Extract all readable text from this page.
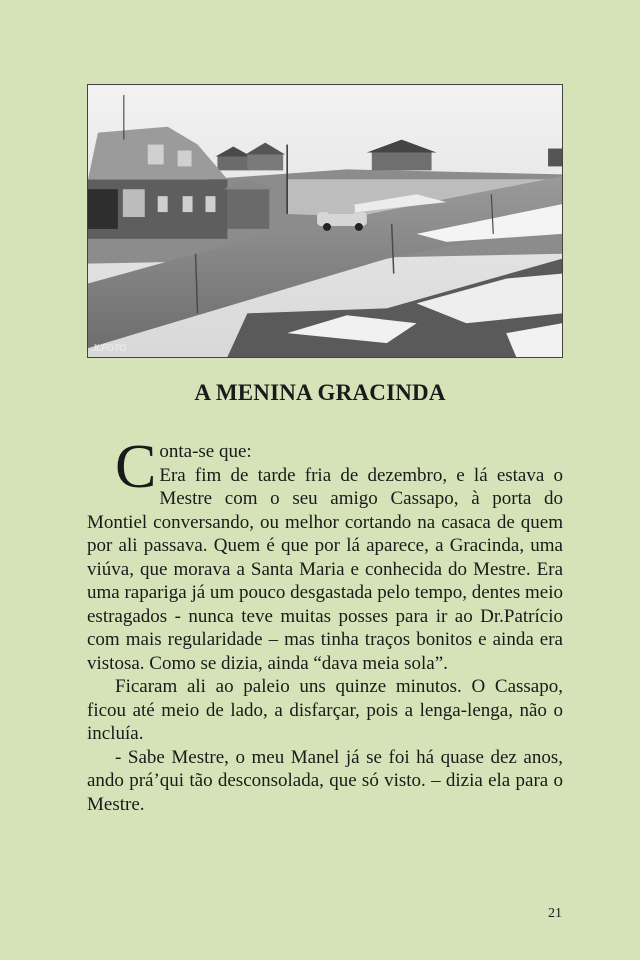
JLFOTO
A MENINA GRACINDA

Conta-se que:

Era fim de tarde fria de dezembro, e lá estava o Mestre com o seu amigo Cassapo, à porta do Montiel conversando, ou melhor cortando na casaca de quem por ali passava. Quem é que por lá aparece, a Gracinda, uma viúva, que morava a Santa Maria e conhecida do Mestre. Era uma rapariga já um pouco desgastada pelo tempo, dentes meio estragados - nunca teve muitas posses para ir ao Dr.Patrício com mais regularidade – mas tinha traços bonitos e ainda era vistosa. Como se dizia, ainda “dava meia sola”.

Ficaram ali ao paleio uns quinze minutos. O Cassapo, ficou até meio de lado, a disfarçar, pois a lenga-lenga, não o incluía.

- Sabe Mestre, o meu Manel já se foi há quase dez anos, ando prá’qui tão desconsolada, que só visto. – dizia ela para o Mestre.

21
